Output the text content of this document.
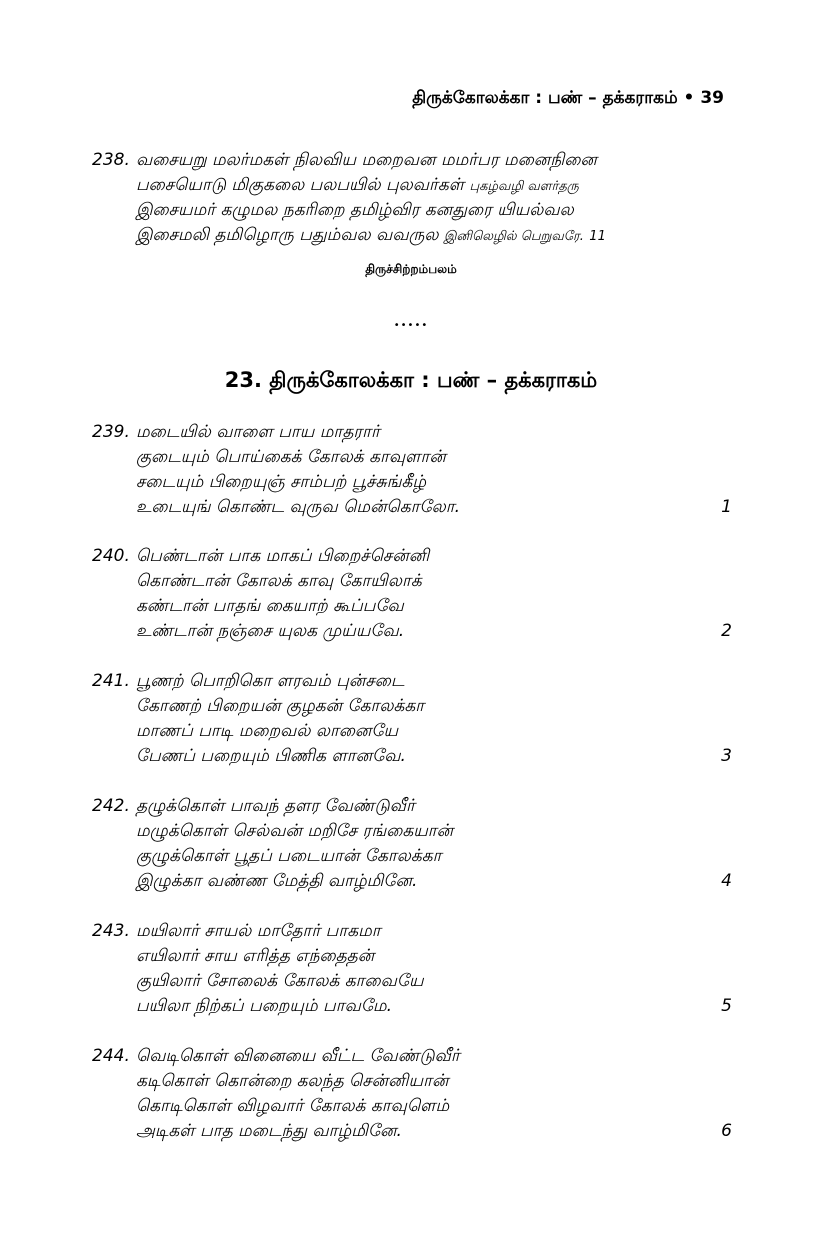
திருக்கோலக்கா : பண் – தக்கராகம் • 39
238. வசையறு மலர்மகள் நிலவிய மறைவன மமர்பர மனைநினை
பசையொடு மிகுகலை பலபயில் புலவர்கள் புகழ்வழி வளர்தரு
இசையமர் கழுமல நகரிறை தமிழ்விர கனதுரை யியல்வல
இசைமலி தமிழொரு பதும்வல வவருல இனிலெழில் பெறுவரே. 11
திருச்சிற்றம்பலம்
•••••
23. திருக்கோலக்கா : பண் – தக்கராகம்
239. மடையில் வாளை பாய மாதரார்
குடையும் பொய்கைக் கோலக் காவுளான்
சடையும் பிறையுஞ் சாம்பற் பூச்சுங்கீழ்
உடையுங் கொண்ட வுருவ மென்கொலோ.	1
240. பெண்டான் பாக மாகப் பிறைச்சென்னி
கொண்டான் கோலக் காவு கோயிலாக்
கண்டான் பாதங் கையாற் கூப்பவே
உண்டான் நஞ்சை யுலக முய்யவே.	2
241. பூணற் பொறிகொ ளரவம் புன்சடை
கோணற் பிறையன் குழகன் கோலக்கா
மாணப் பாடி மறைவல் லானையே
பேணப் பறையும் பிணிக ளானவே.	3
242. தழுக்கொள் பாவந் தளர வேண்டுவீர்
மழுக்கொள் செல்வன் மறிசே ரங்கையான்
குழுக்கொள் பூதப் படையான் கோலக்கா
இழுக்கா வண்ண மேத்தி வாழ்மினே.	4
243. மயிலார் சாயல் மாதோர் பாகமா
எயிலார் சாய எரித்த எந்தைதன்
குயிலார் சோலைக் கோலக் காவையே
பயிலா நிற்கப் பறையும் பாவமே.	5
244. வெடிகொள் வினையை வீட்ட வேண்டுவீர்
கடிகொள் கொன்றை கலந்த சென்னியான்
கொடிகொள் விழவார் கோலக் காவுளெம்
அடிகள் பாத மடைந்து வாழ்மினே.	6
